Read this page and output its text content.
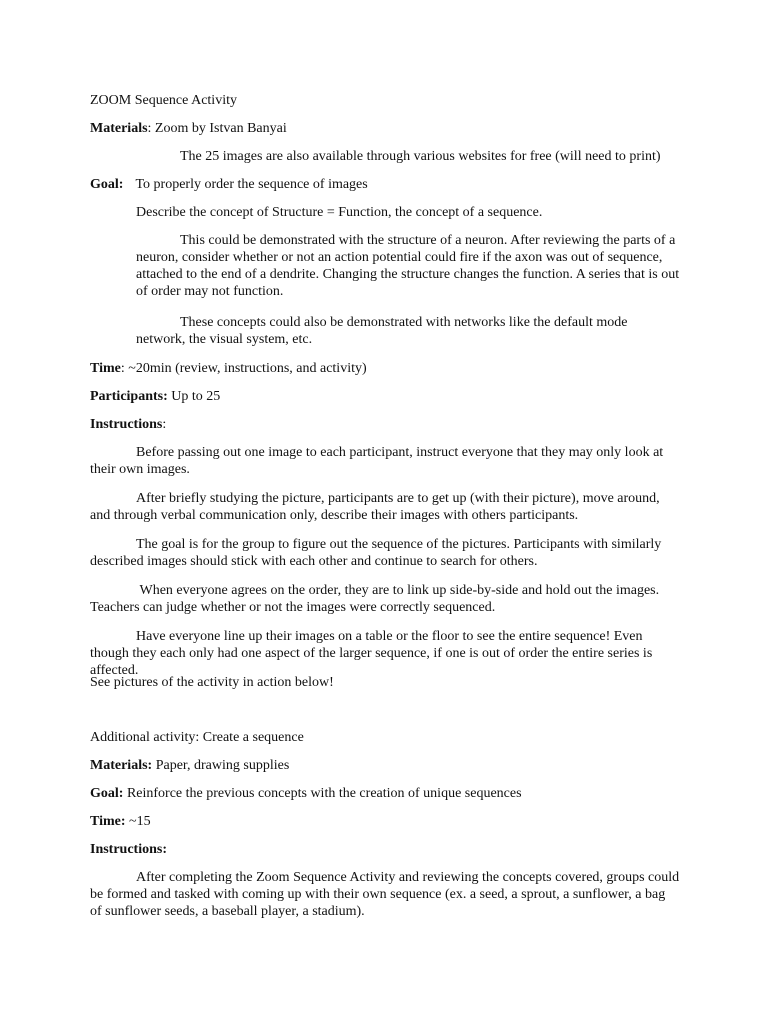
ZOOM Sequence Activity

Materials: Zoom by Istvan Banyai

The 25 images are also available through various websites for free (will need to print)

Goal: To properly order the sequence of images

Describe the concept of Structure = Function, the concept of a sequence.

This could be demonstrated with the structure of a neuron. After reviewing the parts of a neuron, consider whether or not an action potential could fire if the axon was out of sequence, attached to the end of a dendrite. Changing the structure changes the function. A series that is out of order may not function.

These concepts could also be demonstrated with networks like the default mode network, the visual system, etc.

Time: ~20min (review, instructions, and activity)

Participants: Up to 25

Instructions:

Before passing out one image to each participant, instruct everyone that they may only look at their own images.

After briefly studying the picture, participants are to get up (with their picture), move around, and through verbal communication only, describe their images with others participants.

The goal is for the group to figure out the sequence of the pictures. Participants with similarly described images should stick with each other and continue to search for others.

When everyone agrees on the order, they are to link up side-by-side and hold out the images. Teachers can judge whether or not the images were correctly sequenced.

Have everyone line up their images on a table or the floor to see the entire sequence! Even though they each only had one aspect of the larger sequence, if one is out of order the entire series is affected.

See pictures of the activity in action below!

Additional activity: Create a sequence

Materials: Paper, drawing supplies

Goal: Reinforce the previous concepts with the creation of unique sequences

Time: ~15

Instructions:

After completing the Zoom Sequence Activity and reviewing the concepts covered, groups could be formed and tasked with coming up with their own sequence (ex. a seed, a sprout, a sunflower, a bag of sunflower seeds, a baseball player, a stadium).
